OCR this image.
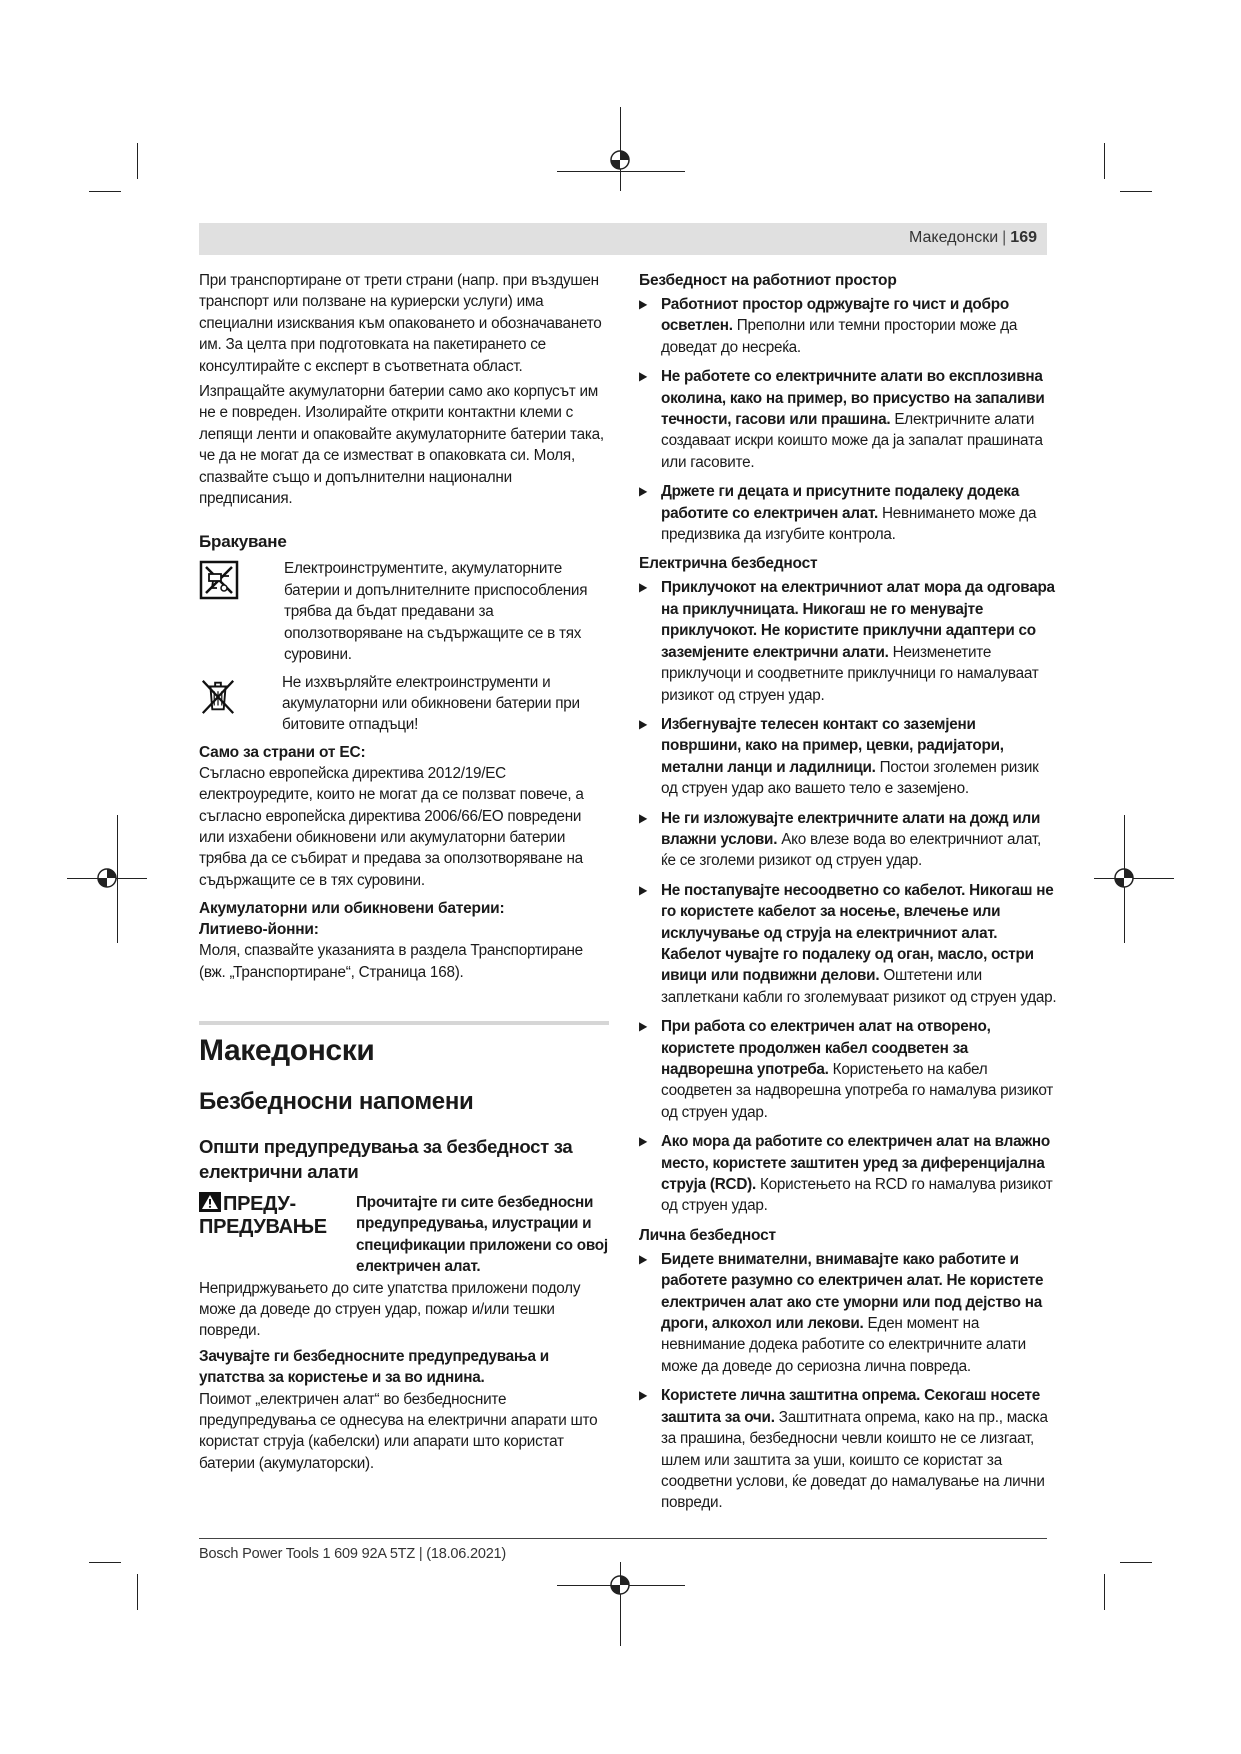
Македонски | 169

При транспортиране от трети страни (напр. при въздушен транспорт или ползване на куриерски услуги) има специални изисквания към опаковането и обозначаването им. За целта при подготовката на пакетирането се консултирайте с експерт в съответната област.

Изпращайте акумулаторни батерии само ако корпусът им не е повреден. Изолирайте открити контактни клеми с лепящи ленти и опаковайте акумулаторните батерии така, че да не могат да се изместват в опаковката си. Моля, спазвайте също и допълнителни национални предписания.

Бракуване

Електроинструментите, акумулаторните батерии и допълнителните приспособления трябва да бъдат предавани за оползотворяване на съдържащите се в тях суровини.

Не изхвърляйте електроинструменти и акумулаторни или обикновени батерии при битовите отпадъци!

Само за страни от ЕС:

Съгласно европейска директива 2012/19/ЕС електроуредите, които не могат да се ползват повече, а съгласно европейска директива 2006/66/EO повредени или изхабени обикновени или акумулаторни батерии трябва да се събират и предава за оползотворяване на съдържащите се в тях суровини.

Акумулаторни или обикновени батерии:
Литиево-йонни:

Моля, спазвайте указанията в раздела Транспортиране (вж. „Транспортиране“, Страница 168).

Македонски
Безбедносни напомени
Општи предупредувања за безбедност за електрични алати
ПРЕДУ-
ПРЕДУВАЊЕ

Прочитајте ги сите безбедносни предупредувања, илустрации и спецификации приложени со овој електричен алат.

Непридржувањето до сите упатства приложени подолу може да доведе до струен удар, пожар и/или тешки повреди.

Зачувајте ги безбедносните предупредувања и упатства за користење и за во иднина.

Поимот „електричен алат“ во безбедносните предупредувања се однесува на електрични апарати што користат струја (кабелски) или апарати што користат батерии (акумулаторски).

Безбедност на работниот простор
▶ Работниот простор одржувајте го чист и добро осветлен. Преполни или темни простории може да доведат до несреќа.

▶ Не работете со електричните алати во експлозивна околина, како на пример, во присуство на запаливи течности, гасови или прашина. Електричните алати создаваат искри коишто може да ја запалат прашината или гасовите.

▶ Држете ги децата и присутните подалеку додека работите со електричен алат. Невнимането може да предизвика да изгубите контрола.

Електрична безбедност
▶ Приклучокот на електричниот алат мора да одговара на приклучницата. Никогаш не го менувајте приклучокот. Не користите приклучни адаптери со заземјените електрични алати. Неизменетите приклучоци и соодветните приклучници го намалуваат ризикот од струен удар.

▶ Избегнувајте телесен контакт со заземјени површини, како на пример, цевки, радијатори, метални ланци и ладилници. Постои зголемен ризик од струен удар ако вашето тело е заземјено.

▶ Не ги изложувајте електричните алати на дожд или влажни услови. Ако влезе вода во електричниот алат, ќе се зголеми ризикот од струен удар.

▶ Не постапувајте несоодветно со кабелот. Никогаш не го користете кабелот за носење, влечење или исклучување од струја на електричниот алат. Кабелот чувајте го подалеку од оган, масло, остри ивици или подвижни делови. Оштетени или заплеткани кабли го зголемуваат ризикот од струен удар.

▶ При работа со електричен алат на отворено, користете продолжен кабел соодветен за надворешна употреба. Користењето на кабел соодветен за надворешна употреба го намалува ризикот од струен удар.

▶ Ако мора да работите со електричен алат на влажно место, користете заштитен уред за диференцијална струја (RCD). Користењето на RCD го намалува ризикот од струен удар.

Лична безбедност
▶ Бидете внимателни, внимавајте како работите и работете разумно со електричен алат. Не користете електричен алат ако сте уморни или под дејство на дроги, алкохол или лекови. Еден момент на невнимание додека работите со електричните алати може да доведе до сериозна лична повреда.

▶ Користете лична заштитна опрема. Секогаш носете заштита за очи. Заштитната опрема, како на пр., маска за прашина, безбедносни чевли коишто не се лизгаат, шлем или заштита за уши, коишто се користат за соодветни услови, ќе доведат до намалување на лични повреди.

Bosch Power Tools 1 609 92A 5TZ | (18.06.2021)
